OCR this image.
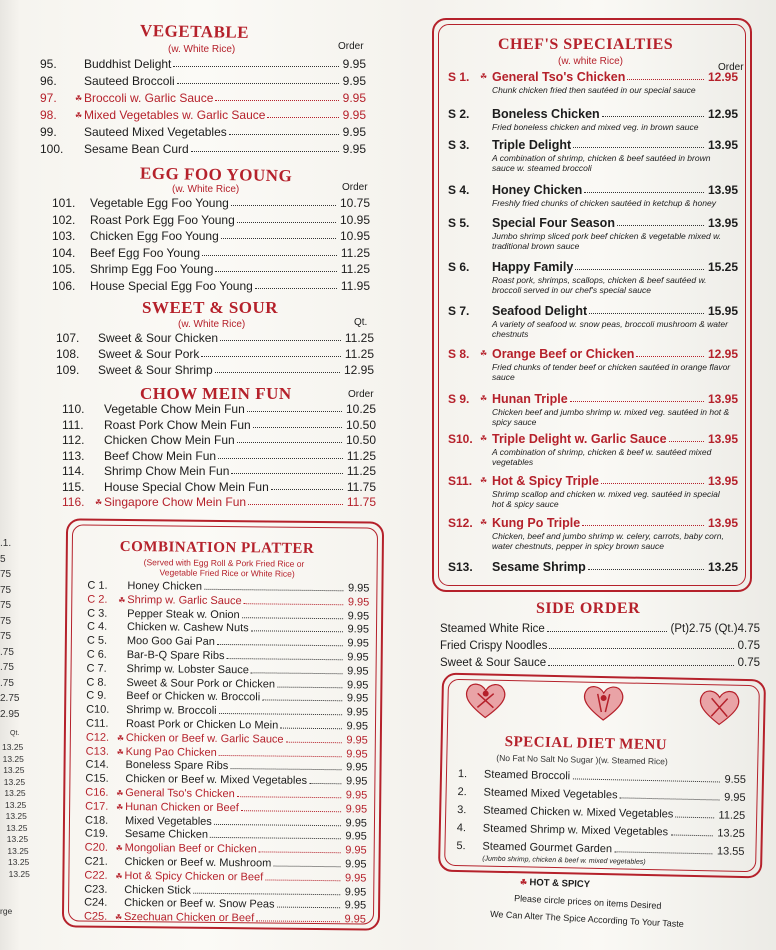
.1.
5
75
75
75
75
75
.75
.75
.75
2.75
2.95
Qt.
13.25
13.25
13.25
13.25
13.25
13.25
13.25
13.25
13.25
13.25
13.25
13.25
rge
VEGETABLE
(w. White Rice)	Order
95. Buddhist Delight	9.95
96. Sauteed Broccoli	9.95
97. ☘ Broccoli w. Garlic Sauce	9.95
98. ☘ Mixed Vegetables w. Garlic Sauce	9.95
99. Sauteed Mixed Vegetables	9.95
100. Sesame Bean Curd	9.95
EGG FOO YOUNG
(w. White Rice)	Order
101. Vegetable Egg Foo Young	10.75
102. Roast Pork Egg Foo Young	10.95
103. Chicken Egg Foo Young	10.95
104. Beef Egg Foo Young	11.25
105. Shrimp Egg Foo Young	11.25
106. House Special Egg Foo Young	11.95
SWEET & SOUR
(w. White Rice)	Qt.
107. Sweet & Sour Chicken	11.25
108. Sweet & Sour Pork	11.25
109. Sweet & Sour Shrimp	12.95
CHOW MEIN FUN	Order
110. Vegetable Chow Mein Fun	10.25
111. Roast Pork Chow Mein Fun	10.50
112. Chicken Chow Mein Fun	10.50
113. Beef Chow Mein Fun	11.25
114. Shrimp Chow Mein Fun	11.25
115. House Special Chow Mein Fun	11.75
116. ☘ Singapore Chow Mein Fun	11.75
COMBINATION PLATTER
(Served with Egg Roll & Pork Fried Rice or
Vegetable Fried Rice or White Rice)
C 1. Honey Chicken	9.95
C 2. ☘ Shrimp w. Garlic Sauce	9.95
C 3. Pepper Steak w. Onion	9.95
C 4. Chicken w. Cashew Nuts	9.95
C 5. Moo Goo Gai Pan	9.95
C 6. Bar-B-Q Spare Ribs	9.95
C 7. Shrimp w. Lobster Sauce	9.95
C 8. Sweet & Sour Pork or Chicken	9.95
C 9. Beef or Chicken w. Broccoli	9.95
C10. Shrimp w. Broccoli	9.95
C11. Roast Pork or Chicken Lo Mein	9.95
C12. ☘ Chicken or Beef w. Garlic Sauce	9.95
C13. ☘ Kung Pao Chicken	9.95
C14. Boneless Spare Ribs	9.95
C15. Chicken or Beef w. Mixed Vegetables	9.95
C16. ☘ General Tso's Chicken	9.95
C17. ☘ Hunan Chicken or Beef	9.95
C18. Mixed Vegetables	9.95
C19. Sesame Chicken	9.95
C20. ☘ Mongolian Beef or Chicken	9.95
C21. Chicken or Beef w. Mushroom	9.95
C22. ☘ Hot & Spicy Chicken or Beef	9.95
C23. Chicken Stick	9.95
C24. Chicken or Beef w. Snow Peas	9.95
C25. ☘ Szechuan Chicken or Beef	9.95
CHEF'S SPECIALTIES
(w. white Rice)
Order
S 1. ☘ General Tso's Chicken	12.95
Chunk chicken fried then sautéed in our special sauce
S 2. Boneless Chicken	12.95
Fried boneless chicken and mixed veg. in brown sauce
S 3. Triple Delight	13.95
A combination of shrimp, chicken & beef sautéed in brown sauce w. steamed broccoli
S 4. Honey Chicken	13.95
Freshly fried chunks of chicken sautéed in ketchup & honey
S 5. Special Four Season	13.95
Jumbo shrimp sliced pork beef chicken & vegetable mixed w. traditional brown sauce
S 6. Happy Family	15.25
Roast pork, shrimps, scallops, chicken & beef sautéed w. broccoli served in our chef's special sauce
S 7. Seafood Delight	15.95
A variety of seafood w. snow peas, broccoli mushroom & water chestnuts
S 8. ☘ Orange Beef or Chicken	12.95
Fried chunks of tender beef or chicken sautéed in orange flavor sauce
S 9. ☘ Hunan Triple	13.95
Chicken beef and jumbo shrimp w. mixed veg. sautéed in hot & spicy sauce
S10. ☘ Triple Delight w. Garlic Sauce	13.95
A combination of shrimp, chicken & beef w. sautéed mixed vegetables
S11. ☘ Hot & Spicy Triple	13.95
Shrimp scallop and chicken w. mixed veg. sautéed in special hot & spicy sauce
S12. ☘ Kung Po Triple	13.95
Chicken, beef and jumbo shrimp w. celery, carrots, baby corn, water chestnuts, pepper in spicy brown sauce
S13. Sesame Shrimp	13.25
SIDE ORDER
Steamed White Rice	(Pt)2.75 (Qt.)4.75
Fried Crispy Noodles	0.75
Sweet & Sour Sauce	0.75
SPECIAL DIET MENU
(No Fat No Salt No Sugar )(w. Steamed Rice)
1. Steamed Broccoli	9.55
2. Steamed Mixed Vegetables	9.95
3. Steamed Chicken w. Mixed Vegetables	11.25
4. Steamed Shrimp w. Mixed Vegetables	13.25
5. Steamed Gourmet Garden	13.55
(Jumbo shrimp, chicken & beef w. mixed vegetables)
☘ HOT & SPICY
Please circle prices on items Desired
We Can Alter The Spice According To Your Taste
